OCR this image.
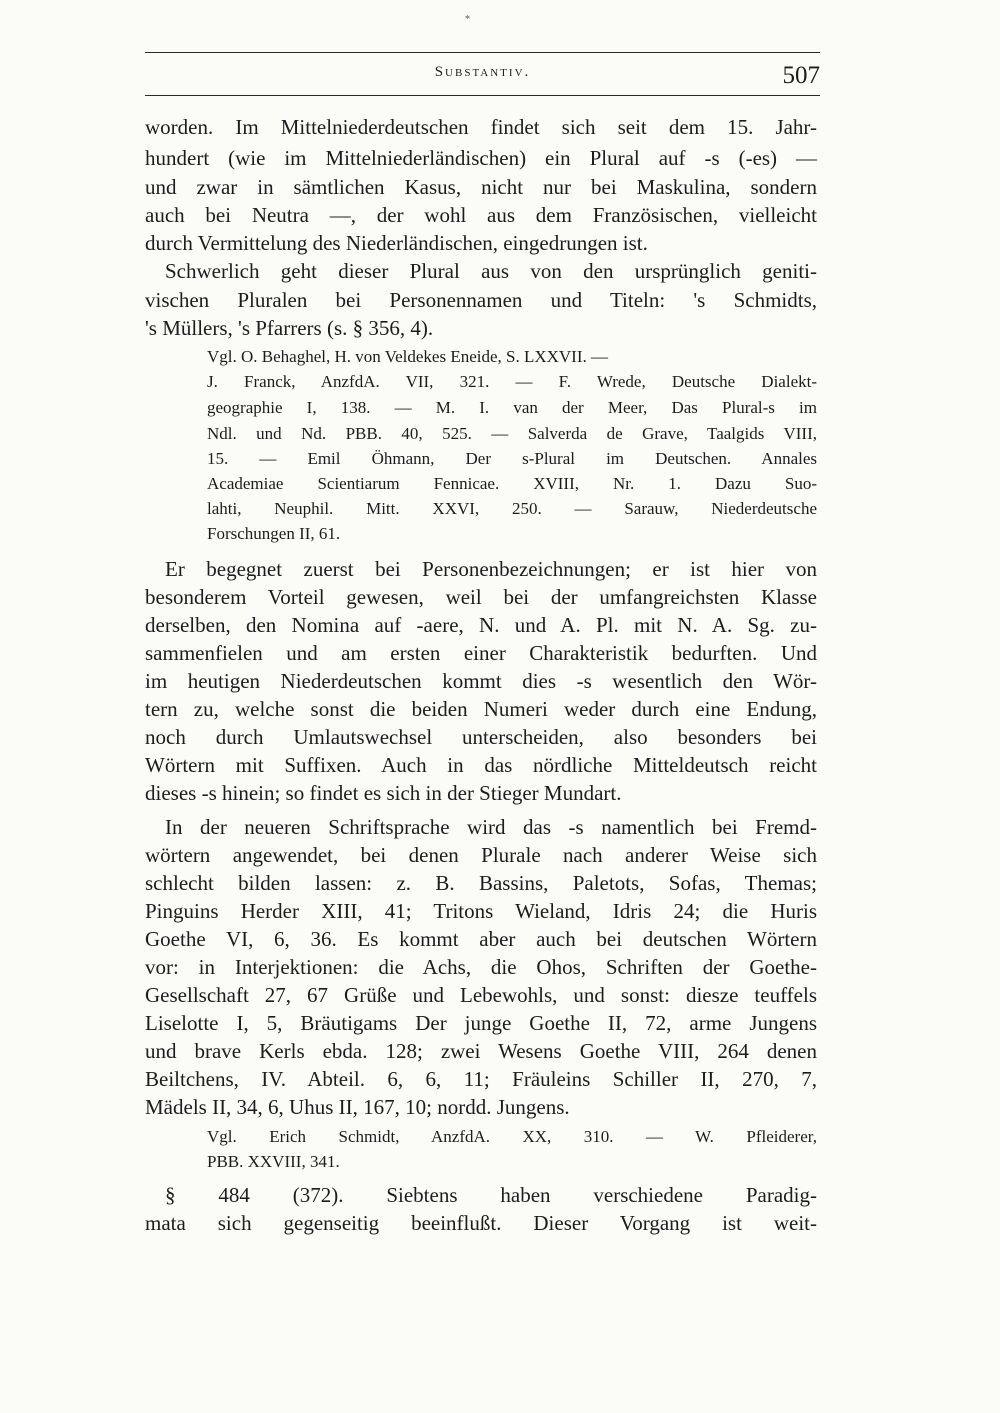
*
Substantiv.	507
worden. Im Mittelniederdeutschen findet sich seit dem 15. Jahr-
hundert (wie im Mittelniederländischen) ein Plural auf -s (-es) —
und zwar in sämtlichen Kasus, nicht nur bei Maskulina, sondern
auch bei Neutra —, der wohl aus dem Französischen, vielleicht
durch Vermittelung des Niederländischen, eingedrungen ist.
Schwerlich geht dieser Plural aus von den ursprünglich geniti-
vischen Pluralen bei Personennamen und Titeln: 's Schmidts,
's Müllers, 's Pfarrers (s. § 356, 4).
Vgl. O. Behaghel, H. von Veldekes Eneide, S. LXXVII. —
J. Franck, AnzfdA. VII, 321. — F. Wrede, Deutsche Dialekt-
geographie I, 138. — M. I. van der Meer, Das Plural-s im
Ndl. und Nd. PBB. 40, 525. — Salverda de Grave, Taalgids VIII,
15. — Emil Öhmann, Der s-Plural im Deutschen. Annales
Academiae Scientiarum Fennicae. XVIII, Nr. 1. Dazu Suo-
lahti, Neuphil. Mitt. XXVI, 250. — Sarauw, Niederdeutsche
Forschungen II, 61.
Er begegnet zuerst bei Personenbezeichnungen; er ist hier von
besonderem Vorteil gewesen, weil bei der umfangreichsten Klasse
derselben, den Nomina auf -aere, N. und A. Pl. mit N. A. Sg. zu-
sammenfielen und am ersten einer Charakteristik bedurften. Und
im heutigen Niederdeutschen kommt dies -s wesentlich den Wör-
tern zu, welche sonst die beiden Numeri weder durch eine Endung,
noch durch Umlautswechsel unterscheiden, also besonders bei
Wörtern mit Suffixen. Auch in das nördliche Mitteldeutsch reicht
dieses -s hinein; so findet es sich in der Stieger Mundart.
In der neueren Schriftsprache wird das -s namentlich bei Fremd-
wörtern angewendet, bei denen Plurale nach anderer Weise sich
schlecht bilden lassen: z. B. Bassins, Paletots, Sofas, Themas;
Pinguins Herder XIII, 41; Tritons Wieland, Idris 24; die Huris
Goethe VI, 6, 36. Es kommt aber auch bei deutschen Wörtern
vor: in Interjektionen: die Achs, die Ohos, Schriften der Goethe-
Gesellschaft 27, 67 Grüße und Lebewohls, und sonst: diesze teuffels
Liselotte I, 5, Bräutigams Der junge Goethe II, 72, arme Jungens
und brave Kerls ebda. 128; zwei Wesens Goethe VIII, 264 denen
Beiltchens, IV. Abteil. 6, 6, 11; Fräuleins Schiller II, 270, 7,
Mädels II, 34, 6, Uhus II, 167, 10; nordd. Jungens.
Vgl. Erich Schmidt, AnzfdA. XX, 310. — W. Pfleiderer,
PBB. XXVIII, 341.
§ 484 (372). Siebtens haben verschiedene Paradig-
mata sich gegenseitig beeinflußt. Dieser Vorgang ist weit-
